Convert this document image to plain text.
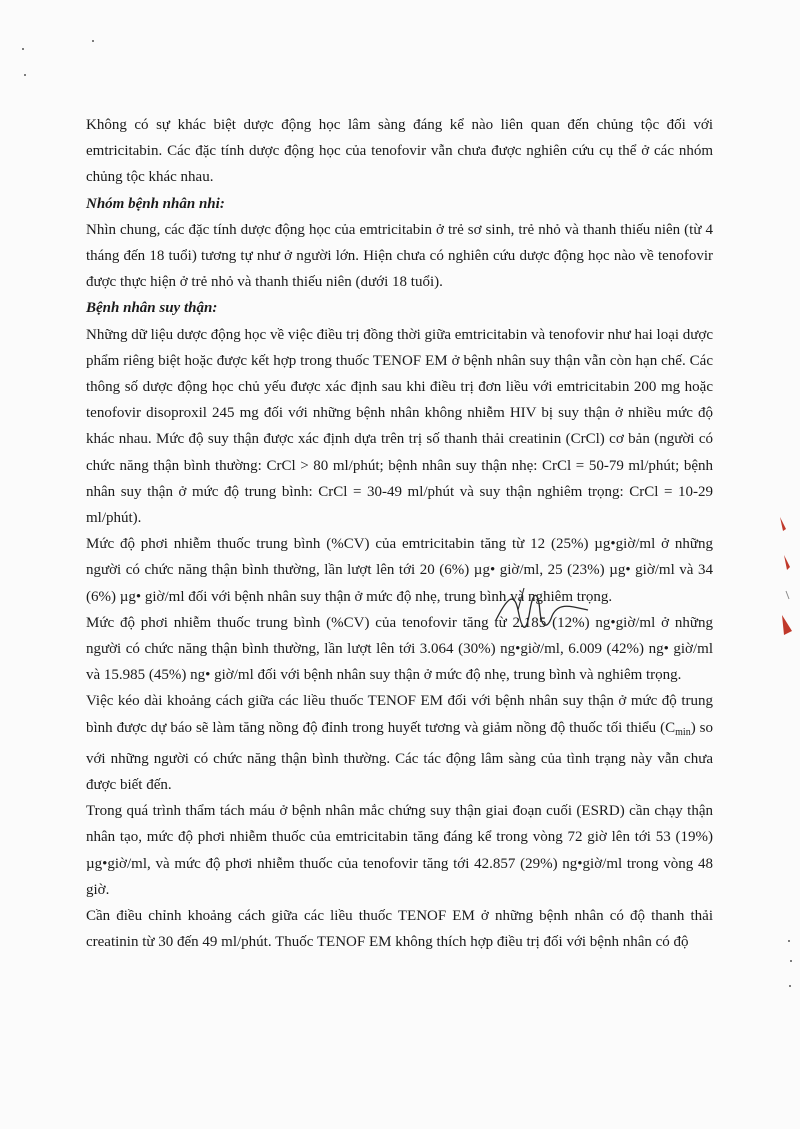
Không có sự khác biệt dược động học lâm sàng đáng kể nào liên quan đến chủng tộc đối với emtricitabin. Các đặc tính dược động học của tenofovir vẫn chưa được nghiên cứu cụ thể ở các nhóm chủng tộc khác nhau.

Nhóm bệnh nhân nhi:

Nhìn chung, các đặc tính dược động học của emtricitabin ở trẻ sơ sinh, trẻ nhỏ và thanh thiếu niên (từ 4 tháng đến 18 tuổi) tương tự như ở người lớn. Hiện chưa có nghiên cứu dược động học nào về tenofovir được thực hiện ở trẻ nhỏ và thanh thiếu niên (dưới 18 tuổi).

Bệnh nhân suy thận:

Những dữ liệu dược động học về việc điều trị đồng thời giữa emtricitabin và tenofovir như hai loại dược phẩm riêng biệt hoặc được kết hợp trong thuốc TENOF EM ở bệnh nhân suy thận vẫn còn hạn chế. Các thông số dược động học chủ yếu được xác định sau khi điều trị đơn liều với emtricitabin 200 mg hoặc tenofovir disoproxil 245 mg đối với những bệnh nhân không nhiễm HIV bị suy thận ở nhiều mức độ khác nhau. Mức độ suy thận được xác định dựa trên trị số thanh thải creatinin (CrCl) cơ bản (người có chức năng thận bình thường: CrCl > 80 ml/phút; bệnh nhân suy thận nhẹ: CrCl = 50-79 ml/phút; bệnh nhân suy thận ở mức độ trung bình: CrCl = 30-49 ml/phút và suy thận nghiêm trọng: CrCl = 10-29 ml/phút).

Mức độ phơi nhiễm thuốc trung bình (%CV) của emtricitabin tăng từ 12 (25%) µg•giờ/ml ở những người có chức năng thận bình thường, lần lượt lên tới 20 (6%) µg• giờ/ml, 25 (23%) µg• giờ/ml và 34 (6%) µg• giờ/ml đối với bệnh nhân suy thận ở mức độ nhẹ, trung bình và nghiêm trọng.

Mức độ phơi nhiễm thuốc trung bình (%CV) của tenofovir tăng từ 2.185 (12%) ng•giờ/ml ở những người có chức năng thận bình thường, lần lượt lên tới 3.064 (30%) ng•giờ/ml, 6.009 (42%) ng• giờ/ml và 15.985 (45%) ng• giờ/ml đối với bệnh nhân suy thận ở mức độ nhẹ, trung bình và nghiêm trọng.

Việc kéo dài khoảng cách giữa các liều thuốc TENOF EM đối với bệnh nhân suy thận ở mức độ trung bình được dự báo sẽ làm tăng nồng độ đỉnh trong huyết tương và giảm nồng độ thuốc tối thiểu $(C_{min})$ so với những người có chức năng thận bình thường. Các tác động lâm sàng của tình trạng này vẫn chưa được biết đến.

Trong quá trình thẩm tách máu ở bệnh nhân mắc chứng suy thận giai đoạn cuối (ESRD) cần chạy thận nhân tạo, mức độ phơi nhiễm thuốc của emtricitabin tăng đáng kể trong vòng 72 giờ lên tới 53 (19%) µg•giờ/ml, và mức độ phơi nhiễm thuốc của tenofovir tăng tới 42.857 (29%) ng•giờ/ml trong vòng 48 giờ.

Cần điều chỉnh khoảng cách giữa các liều thuốc TENOF EM ở những bệnh nhân có độ thanh thải creatinin từ 30 đến 49 ml/phút. Thuốc TENOF EM không thích hợp điều trị đối với bệnh nhân có độ
